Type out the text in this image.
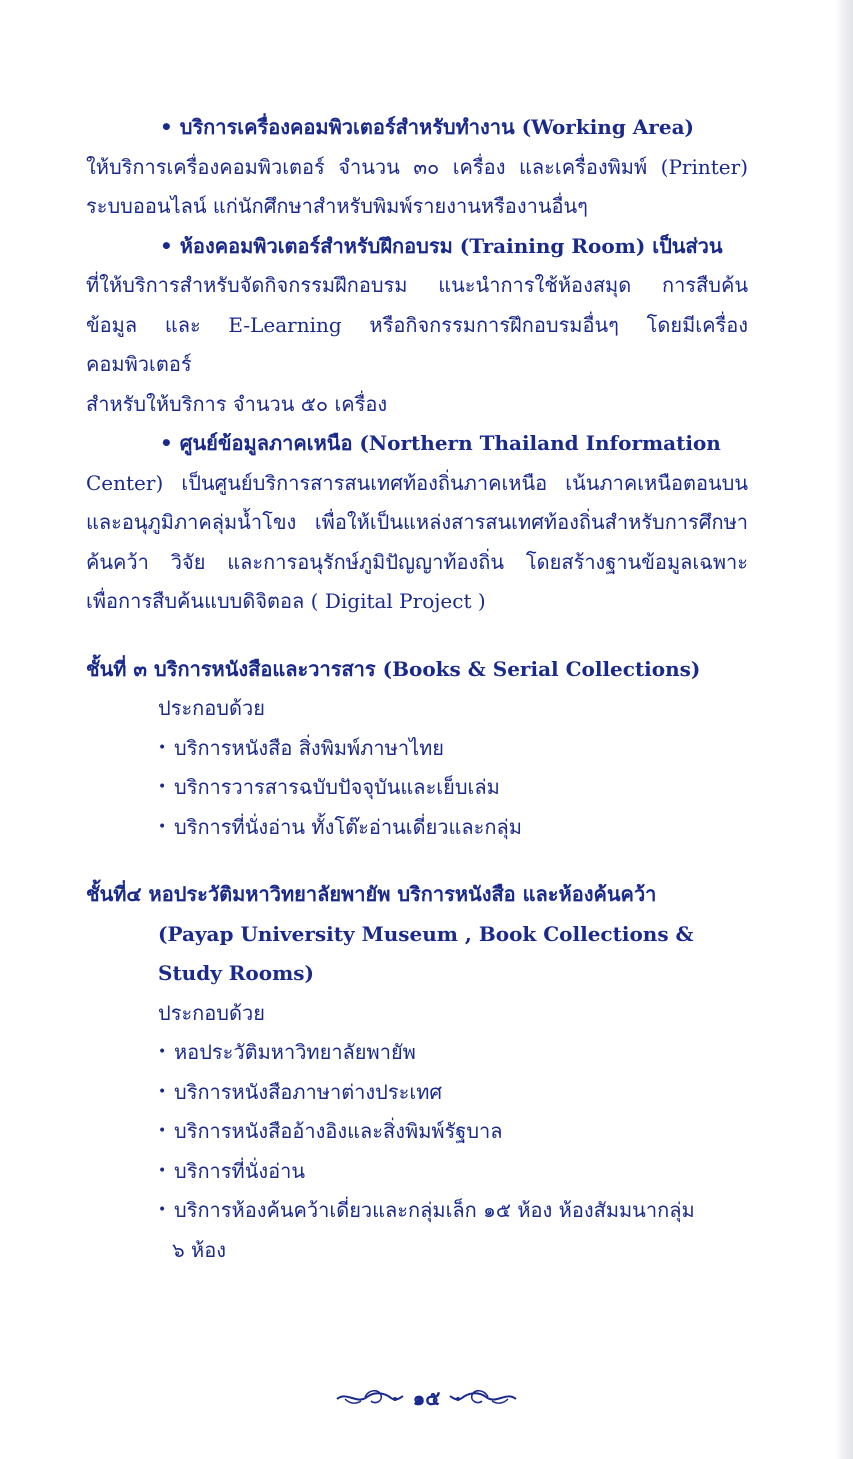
• บริการเครื่องคอมพิวเตอร์สำหรับทำงาน (Working Area)
ให้บริการเครื่องคอมพิวเตอร์ จำนวน ๓๐ เครื่อง และเครื่องพิมพ์ (Printer)
ระบบออนไลน์ แก่นักศึกษาสำหรับพิมพ์รายงานหรืองานอื่นๆ
• ห้องคอมพิวเตอร์สำหรับฝึกอบรม (Training Room) เป็นส่วน
ที่ให้บริการสำหรับจัดกิจกรรมฝึกอบรม แนะนำการใช้ห้องสมุด การสืบค้น
ข้อมูล และ E-Learning หรือกิจกรรมการฝึกอบรมอื่นๆ โดยมีเครื่องคอมพิวเตอร์
สำหรับให้บริการ จำนวน ๕๐ เครื่อง
• ศูนย์ข้อมูลภาคเหนือ (Northern Thailand Information
Center) เป็นศูนย์บริการสารสนเทศท้องถิ่นภาคเหนือ เน้นภาคเหนือตอนบน
และอนุภูมิภาคลุ่มน้ำโขง เพื่อให้เป็นแหล่งสารสนเทศท้องถิ่นสำหรับการศึกษา
ค้นคว้า วิจัย และการอนุรักษ์ภูมิปัญญาท้องถิ่น โดยสร้างฐานข้อมูลเฉพาะ
เพื่อการสืบค้นแบบดิจิตอล ( Digital Project )
ชั้นที่ ๓ บริการหนังสือและวารสาร (Books & Serial Collections)
ประกอบด้วย
• บริการหนังสือ สิ่งพิมพ์ภาษาไทย
• บริการวารสารฉบับปัจจุบันและเย็บเล่ม
• บริการที่นั่งอ่าน ทั้งโต๊ะอ่านเดี่ยวและกลุ่ม
ชั้นที่๔ หอประวัติมหาวิทยาลัยพายัพ บริการหนังสือ และห้องค้นคว้า
(Payap University Museum , Book Collections & Study Rooms)
ประกอบด้วย
• หอประวัติมหาวิทยาลัยพายัพ
• บริการหนังสือภาษาต่างประเทศ
• บริการหนังสืออ้างอิงและสิ่งพิมพ์รัฐบาล
• บริการที่นั่งอ่าน
• บริการห้องค้นคว้าเดี่ยวและกลุ่มเล็ก ๑๕ ห้อง ห้องสัมมนากลุ่ม
๖ ห้อง
๑๕
